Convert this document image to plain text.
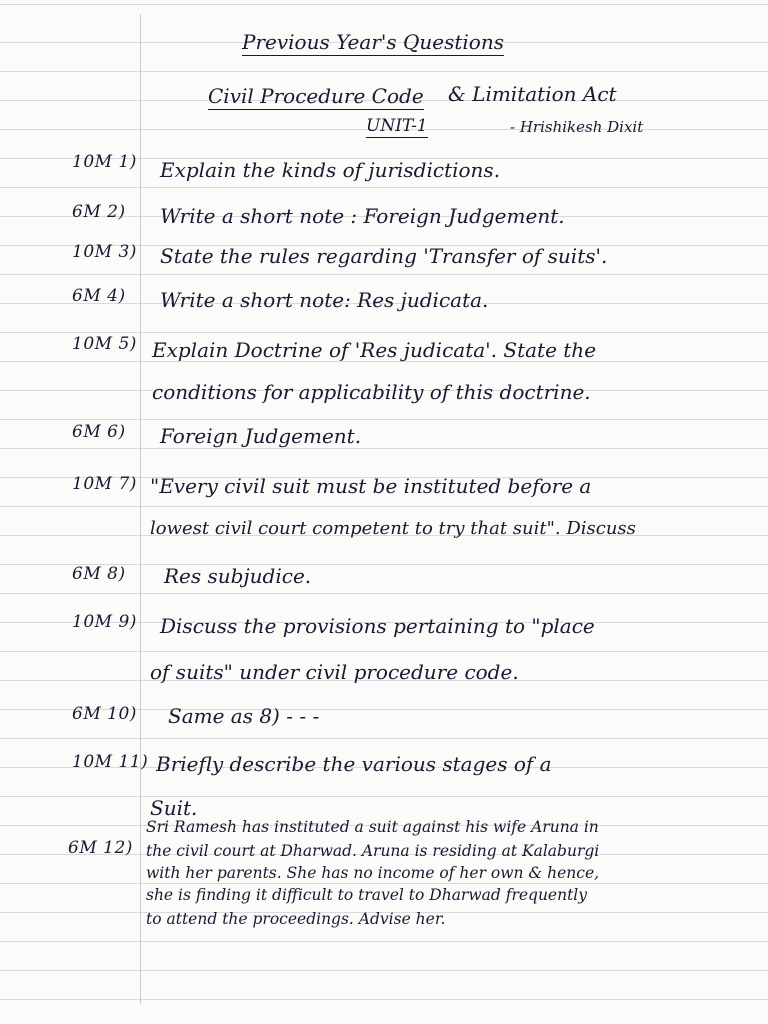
Previous Year's Questions
Civil Procedure Code & Limitation Act
UNIT-1	- Hrishikesh Dixit
10M 1) Explain the kinds of jurisdictions.
6M 2) Write a short note : Foreign Judgement.
10M 3) State the rules regarding 'Transfer of suits'.
6M 4) Write a short note: Res judicata.
10M 5) Explain Doctrine of 'Res judicata'. State the
conditions for applicability of this doctrine.
6M 6) Foreign Judgement.
10M 7) "Every civil suit must be instituted before a
lowest civil court competent to try that suit". Discuss
6M 8) Res subjudice.
10M 9) Discuss the provisions pertaining to "place
of suits" under civil procedure code.
6M 10) Same as 8) - - -
10M 11) Briefly describe the various stages of a
Suit.
6M 12)
Sri Ramesh has instituted a suit against his wife Aruna in
the civil court at Dharwad. Aruna is residing at Kalaburgi
with her parents. She has no income of her own & hence,
she is finding it difficult to travel to Dharwad frequently
to attend the proceedings. Advise her.
